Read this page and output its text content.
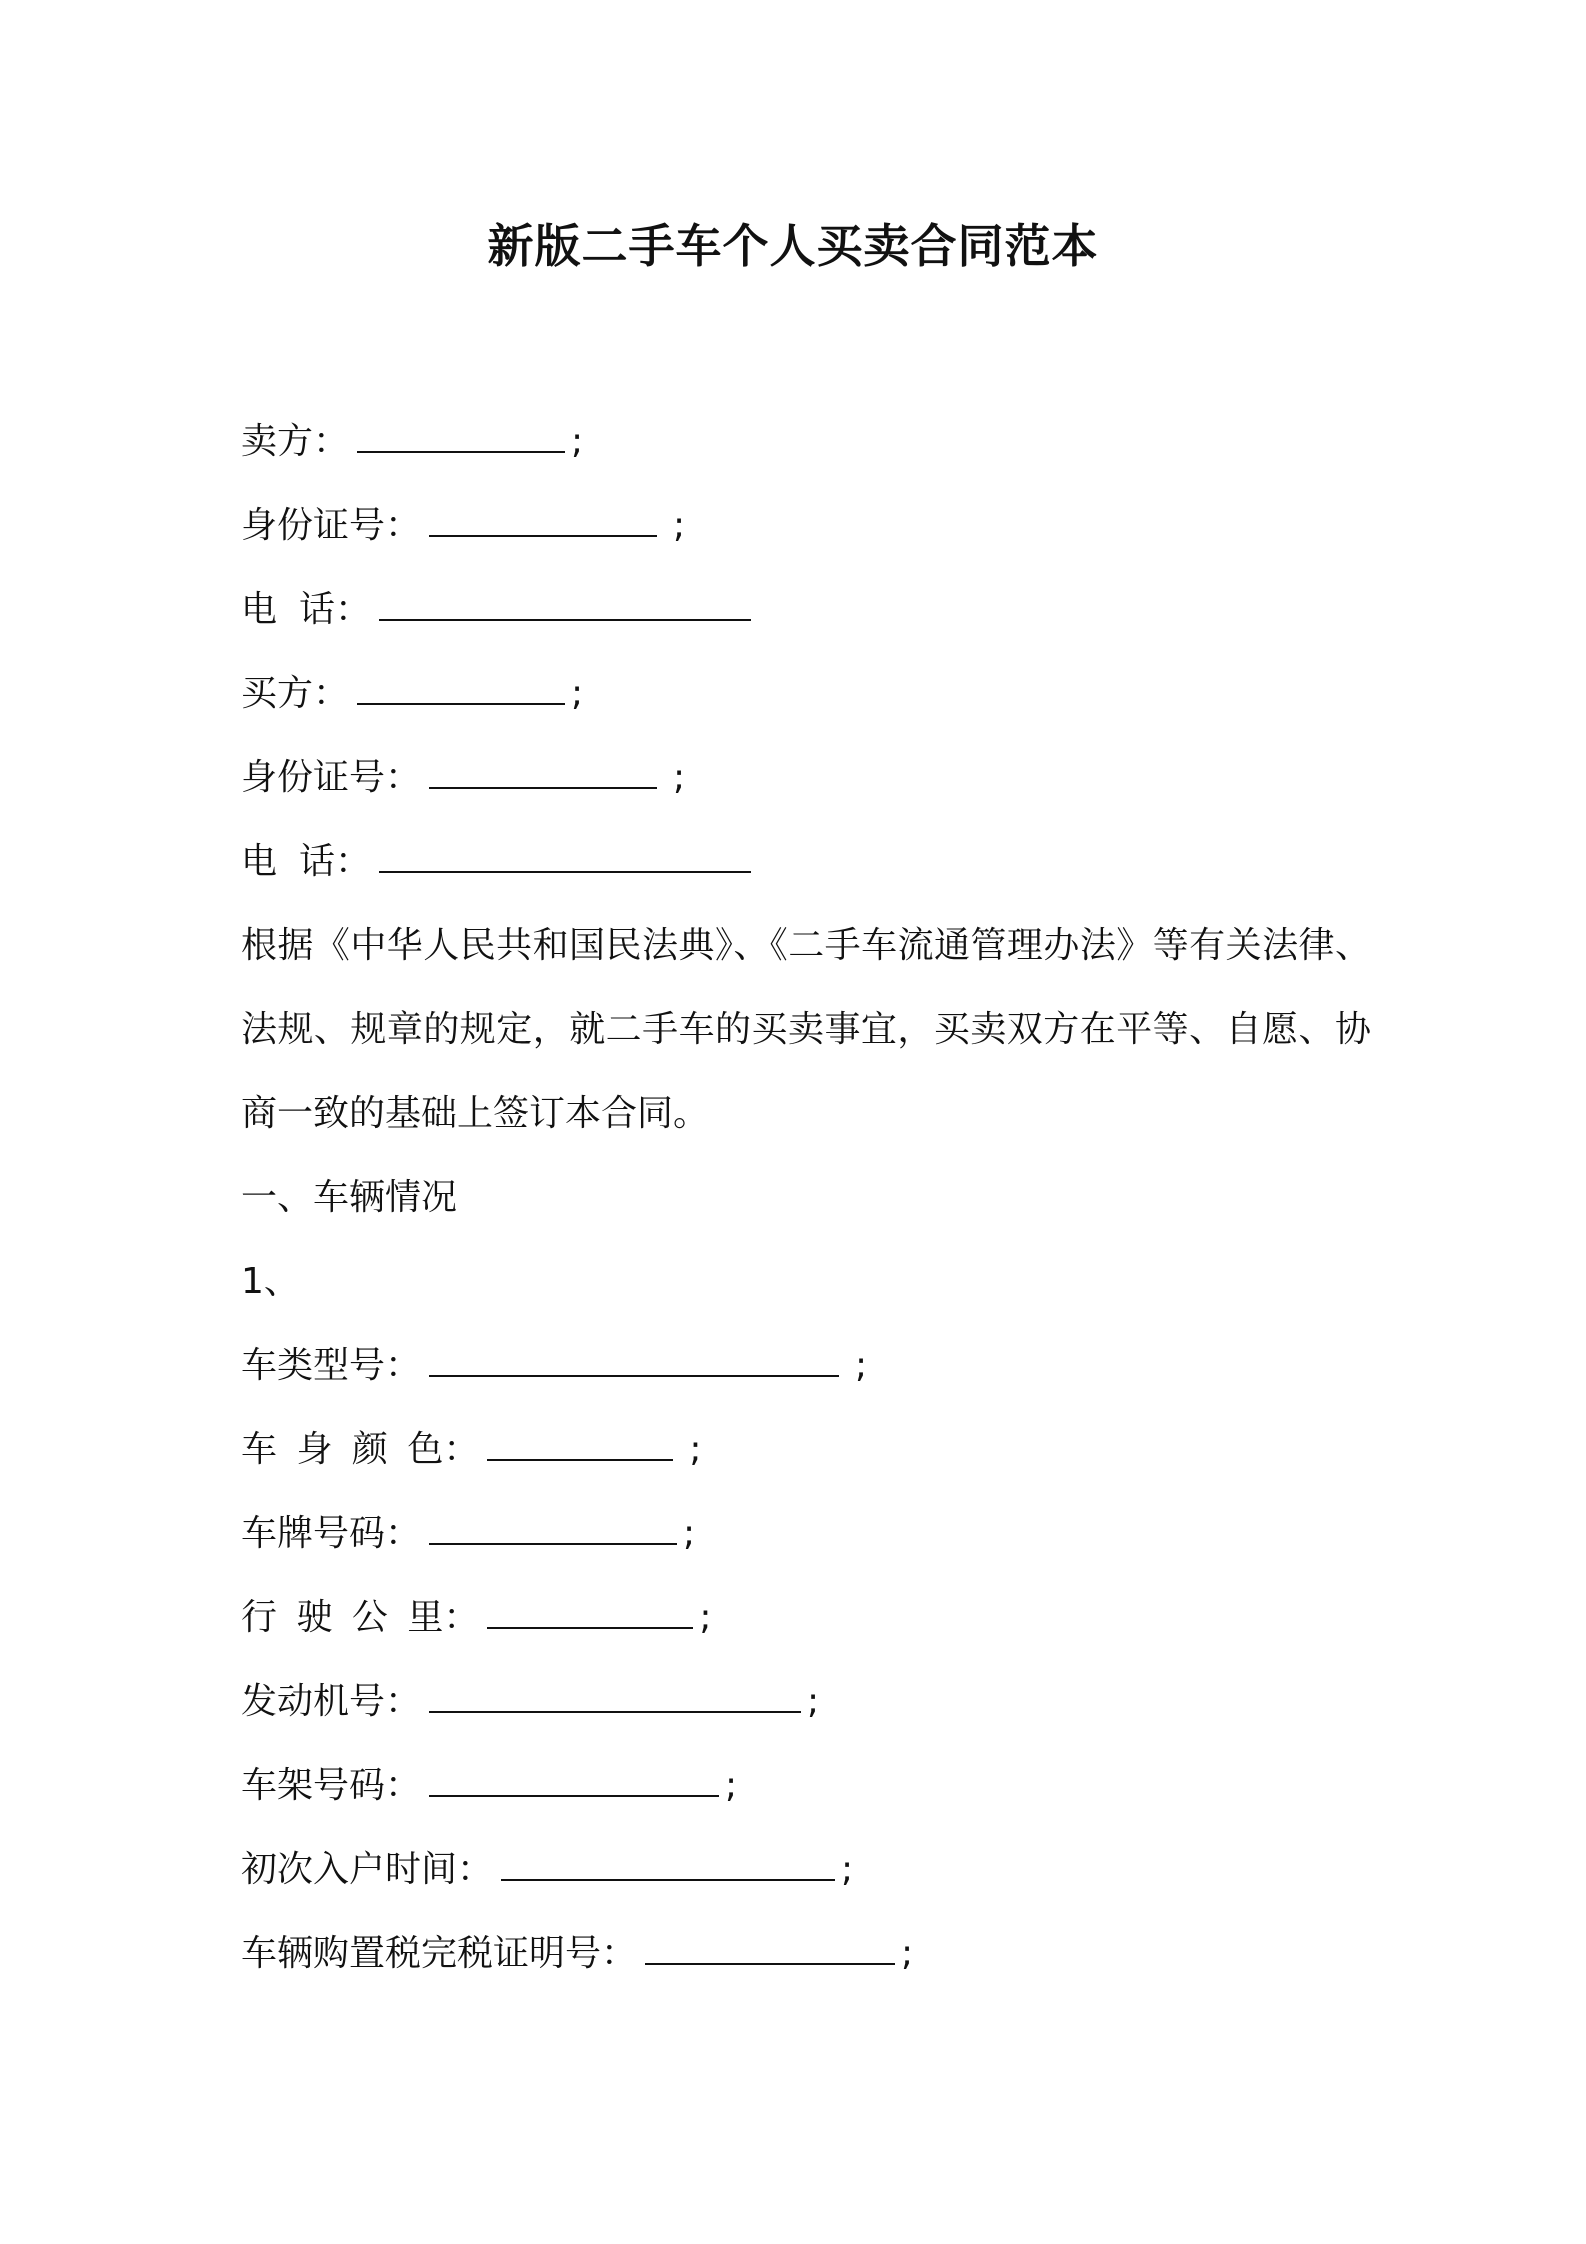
新版二手车个人买卖合同范本

卖方：	;

身份证号：	;

电 话：

买方：	;

身份证号：	;

电 话：

根据《中华人民共和国民法典》、《二手车流通管理办法》等有关法律、法规、规章的规定，就二手车的买卖事宜，买卖双方在平等、自愿、协商一致的基础上签订本合同。

一、车辆情况

1、

车类型号：	;

车 身 颜 色：	;

车牌号码：	;

行 驶 公 里：	;

发动机号：	;

车架号码：	;

初次入户时间：	;

车辆购置税完税证明号：	;
